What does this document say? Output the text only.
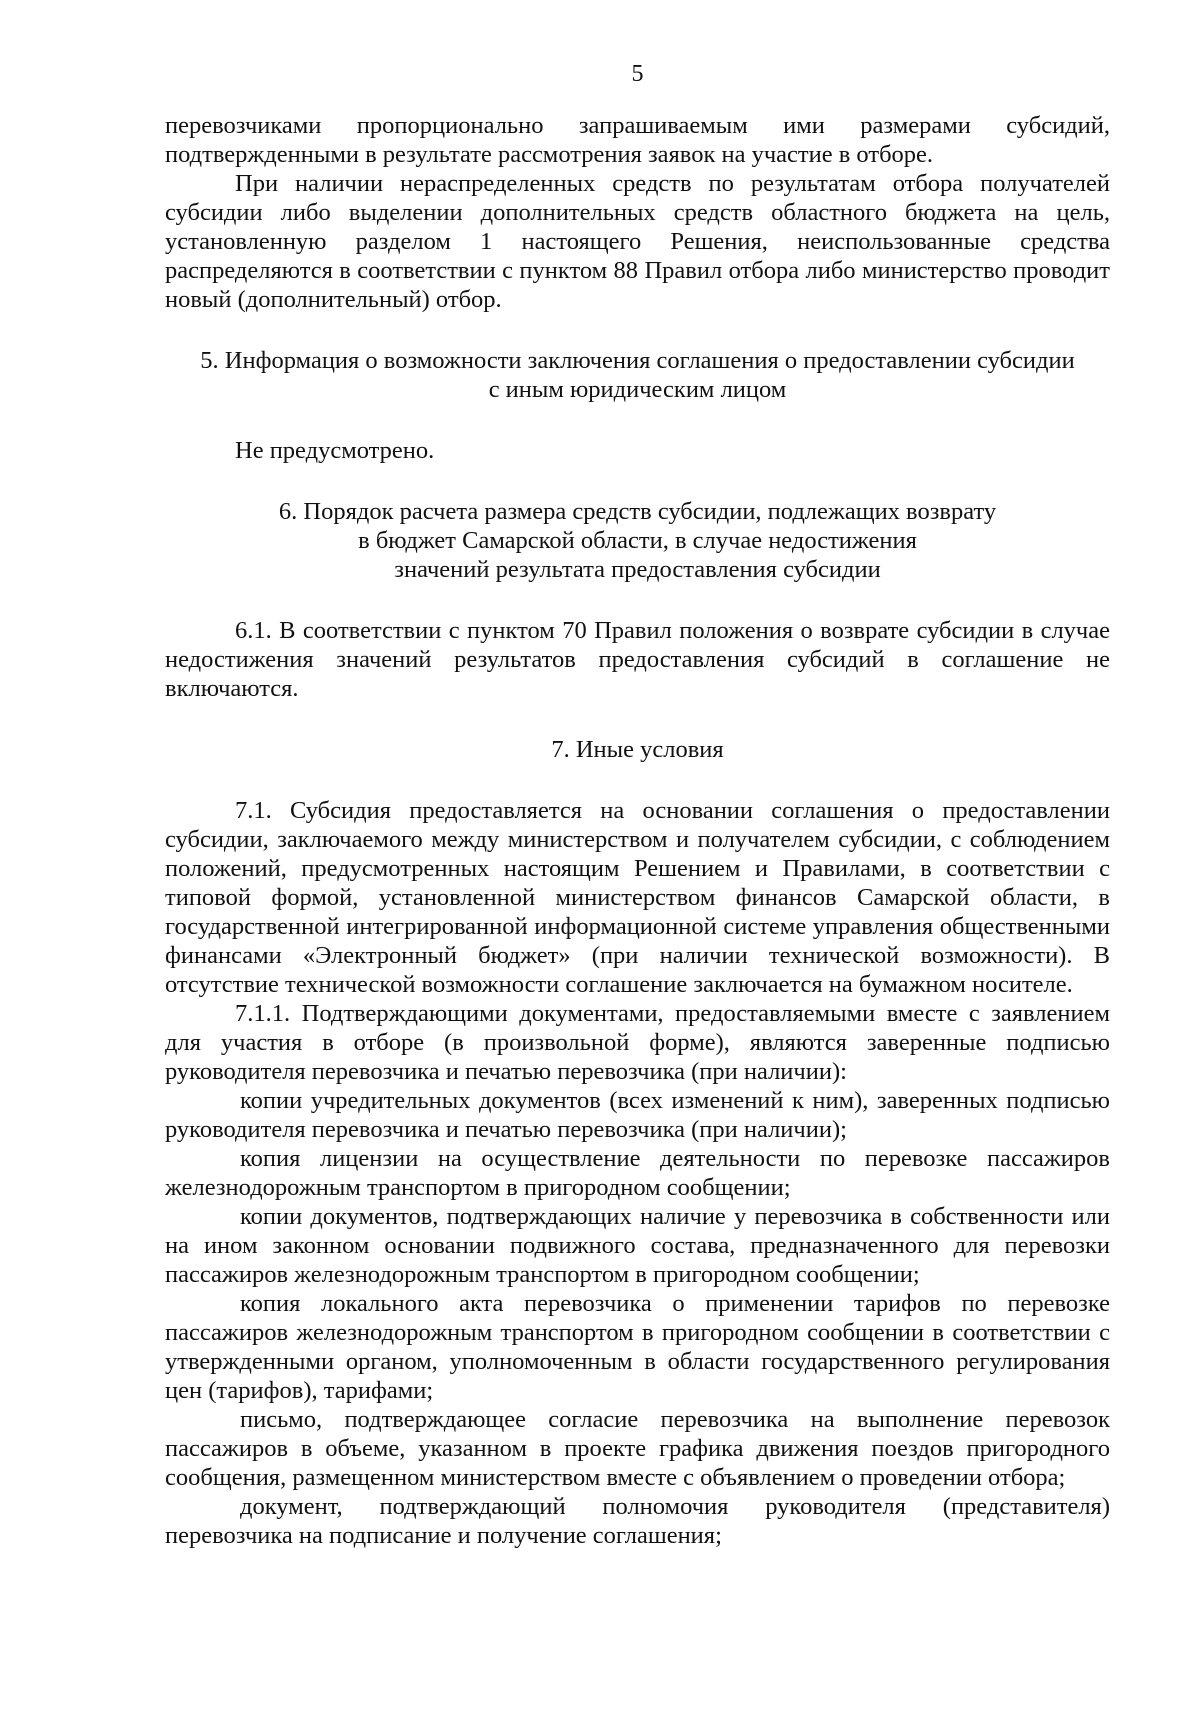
5

перевозчиками пропорционально запрашиваемым ими размерами субсидий, подтвержденными в результате рассмотрения заявок на участие в отборе.

При наличии нераспределенных средств по результатам отбора получателей субсидии либо выделении дополнительных средств областного бюджета на цель, установленную разделом 1 настоящего Решения, неиспользованные средства распределяются в соответствии с пунктом 88 Правил отбора либо министерство проводит новый (дополнительный) отбор.

5. Информация о возможности заключения соглашения о предоставлении субсидии

с иным юридическим лицом

Не предусмотрено.

6. Порядок расчета размера средств субсидии, подлежащих возврату

в бюджет Самарской области, в случае недостижения

значений результата предоставления субсидии

6.1. В соответствии с пунктом 70 Правил положения о возврате субсидии в случае недостижения значений результатов предоставления субсидий в соглашение не включаются.

7. Иные условия

7.1. Субсидия предоставляется на основании соглашения о предоставлении субсидии, заключаемого между министерством и получателем субсидии, с соблюдением положений, предусмотренных настоящим Решением и Правилами, в соответствии с типовой формой, установленной министерством финансов Самарской области, в государственной интегрированной информационной системе управления общественными финансами «Электронный бюджет» (при наличии технической возможности). В отсутствие технической возможности соглашение заключается на бумажном носителе.

7.1.1. Подтверждающими документами, предоставляемыми вместе с заявлением для участия в отборе (в произвольной форме), являются заверенные подписью руководителя перевозчика и печатью перевозчика (при наличии):

копии учредительных документов (всех изменений к ним), заверенных подписью руководителя перевозчика и печатью перевозчика (при наличии);

копия лицензии на осуществление деятельности по перевозке пассажиров железнодорожным транспортом в пригородном сообщении;

копии документов, подтверждающих наличие у перевозчика в собственности или на ином законном основании подвижного состава, предназначенного для перевозки пассажиров железнодорожным транспортом в пригородном сообщении;

копия локального акта перевозчика о применении тарифов по перевозке пассажиров железнодорожным транспортом в пригородном сообщении в соответствии с утвержденными органом, уполномоченным в области государственного регулирования цен (тарифов), тарифами;

письмо, подтверждающее согласие перевозчика на выполнение перевозок пассажиров в объеме, указанном в проекте графика движения поездов пригородного сообщения, размещенном министерством вместе с объявлением о проведении отбора;

документ, подтверждающий полномочия руководителя (представителя) перевозчика на подписание и получение соглашения;
